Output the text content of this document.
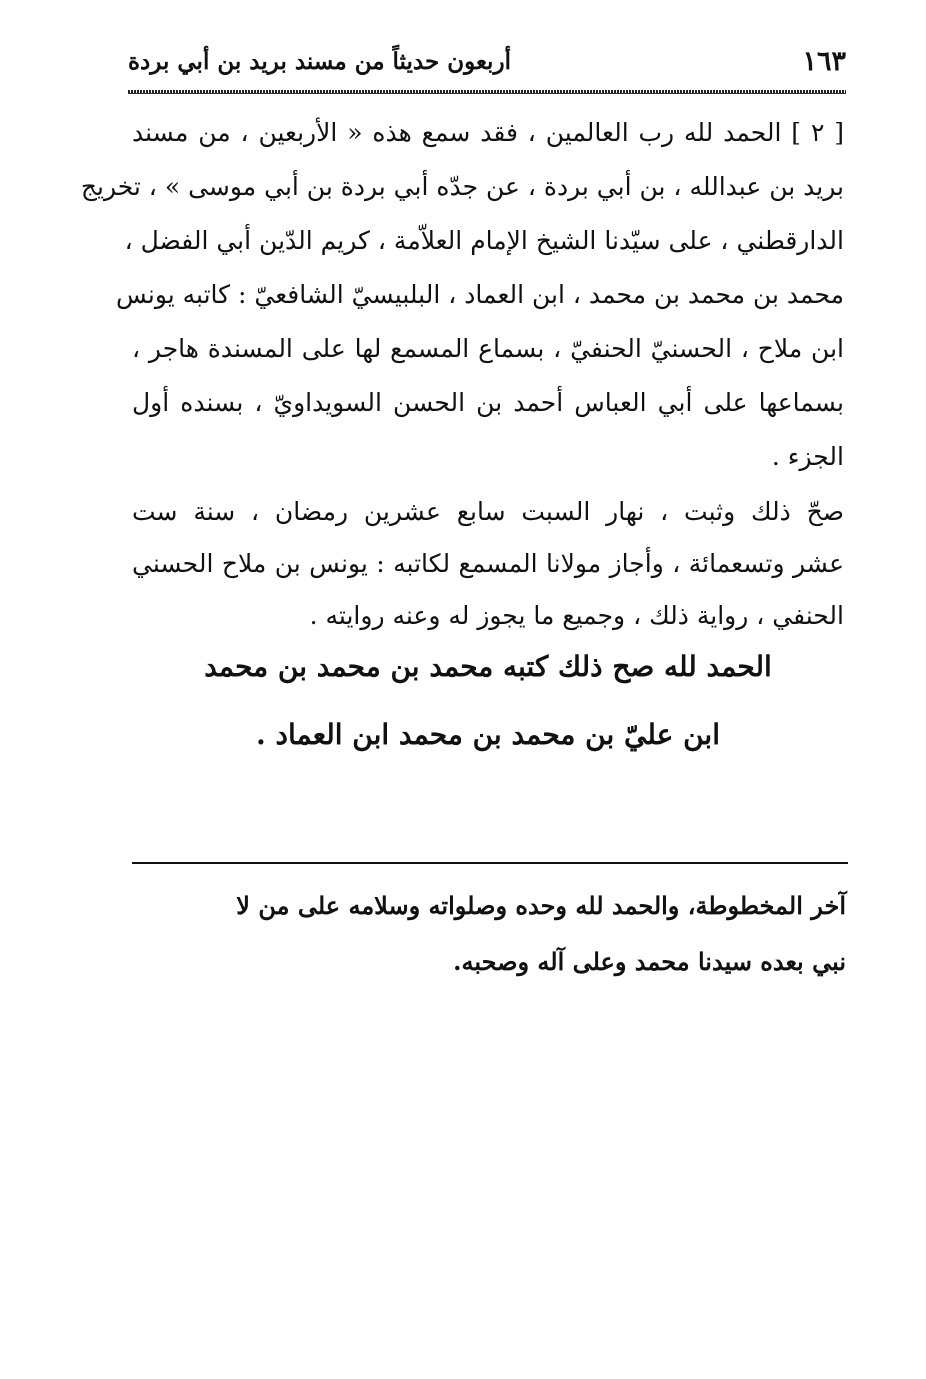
١٦٣
أربعون حديثاً من مسند بريد بن أبي بردة
[ ٢ ] الحمد لله رب العالمين ، فقد سمع هذه « الأربعين ، من مسند
بريد بن عبدالله ، بن أبي بردة ، عن جدّه أبي بردة بن أبي موسى » ، تخريج
الدارقطني ، على سيّدنا الشيخ الإمام العلاّمة ، كريم الدّين أبي الفضل ،
محمد بن محمد بن محمد ، ابن العماد ، البلبيسيّ الشافعيّ : كاتبه يونس
ابن ملاح ، الحسنيّ الحنفيّ ، بسماع المسمع لها على المسندة هاجر ،
بسماعها على أبي العباس أحمد بن الحسن السويداويّ ، بسنده أول
الجزء .
صحّ ذلك وثبت ، نهار السبت سابع عشرين رمضان ، سنة ست
عشر وتسعمائة ، وأجاز مولانا المسمع لكاتبه : يونس بن ملاح الحسني
الحنفي ، رواية ذلك ، وجميع ما يجوز له وعنه روايته .
الحمد لله صح ذلك كتبه محمد بن محمد بن محمد
ابن عليّ بن محمد بن محمد ابن العماد .
آخر المخطوطة، والحمد لله وحده وصلواته وسلامه على من لا
نبي بعده سيدنا محمد وعلى آله وصحبه.
